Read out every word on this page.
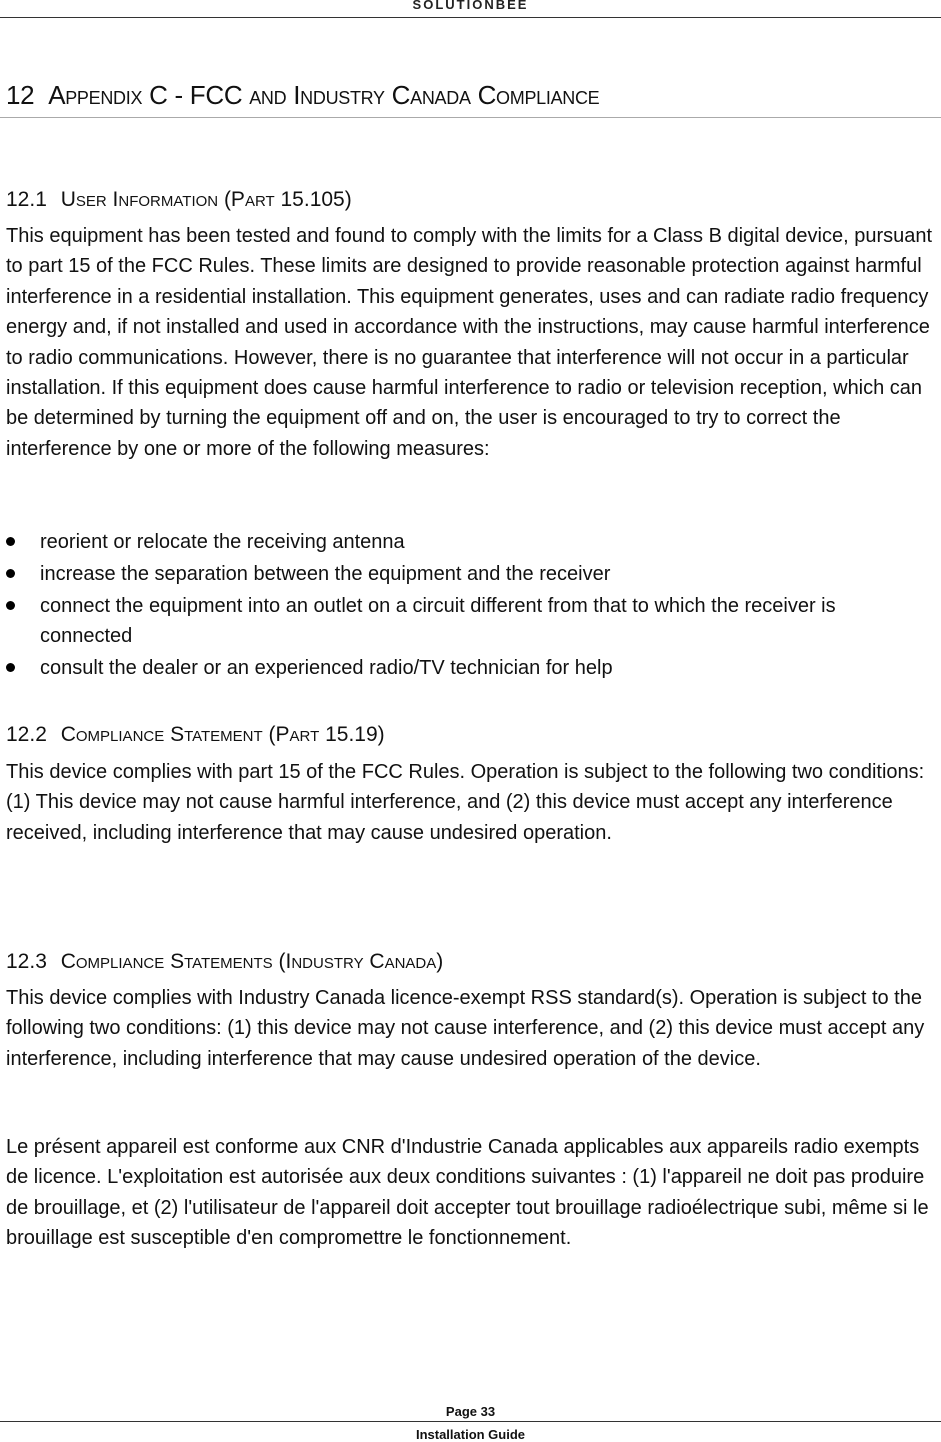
SOLUTIONBEE
12 Appendix C - FCC and Industry Canada Compliance
12.1 User Information (Part 15.105)

This equipment has been tested and found to comply with the limits for a Class B digital device, pursuant to part 15 of the FCC Rules. These limits are designed to provide reasonable protection against harmful interference in a residential installation. This equipment generates, uses and can radiate radio frequency energy and, if not installed and used in accordance with the instructions, may cause harmful interference to radio communications. However, there is no guarantee that interference will not occur in a particular installation. If this equipment does cause harmful interference to radio or television reception, which can be determined by turning the equipment off and on, the user is encouraged to try to correct the interference by one or more of the following measures:

reorient or relocate the receiving antenna
increase the separation between the equipment and the receiver
connect the equipment into an outlet on a circuit different from that to which the receiver is connected
consult the dealer or an experienced radio/TV technician for help
12.2 Compliance Statement (Part 15.19)

This device complies with part 15 of the FCC Rules. Operation is subject to the following two conditions: (1) This device may not cause harmful interference, and (2) this device must accept any interference received, including interference that may cause undesired operation.

12.3 Compliance Statements (Industry Canada)

This device complies with Industry Canada licence-exempt RSS standard(s). Operation is subject to the following two conditions: (1) this device may not cause interference, and (2) this device must accept any interference, including interference that may cause undesired operation of the device.

Le présent appareil est conforme aux CNR d'Industrie Canada applicables aux appareils radio exempts de licence. L'exploitation est autorisée aux deux conditions suivantes : (1) l'appareil ne doit pas produire de brouillage, et (2) l'utilisateur de l'appareil doit accepter tout brouillage radioélectrique subi, même si le brouillage est susceptible d'en compromettre le fonctionnement.

Page 33
Installation Guide
